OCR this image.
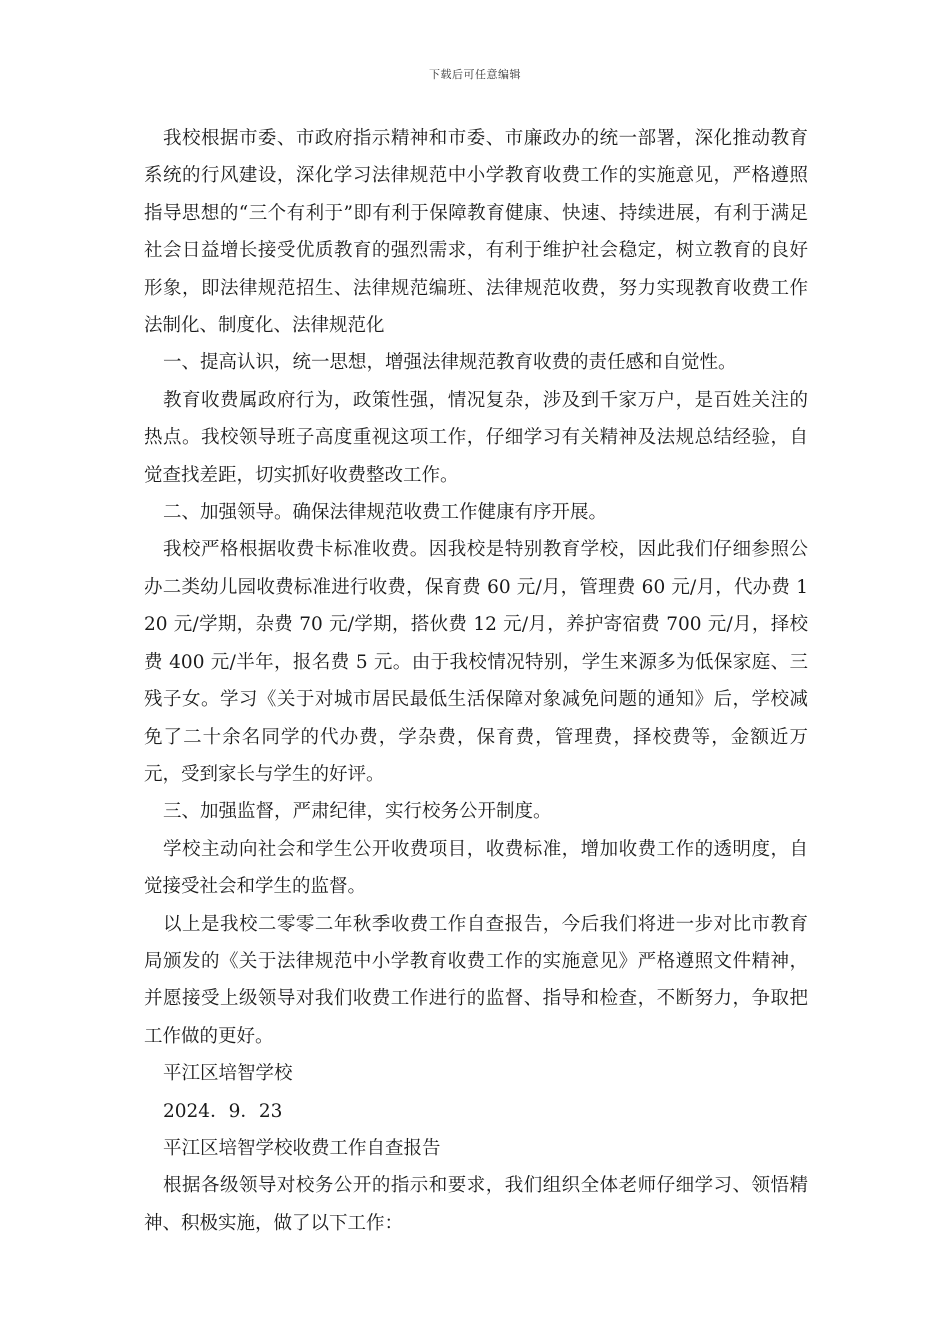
下载后可任意编辑

我校根据市委、市政府指示精神和市委、市廉政办的统一部署，深化推动教育系统的行风建设，深化学习法律规范中小学教育收费工作的实施意见，严格遵照指导思想的“三个有利于”即有利于保障教育健康、快速、持续进展，有利于满足社会日益增长接受优质教育的强烈需求，有利于维护社会稳定，树立教育的良好形象，即法律规范招生、法律规范编班、法律规范收费，努力实现教育收费工作法制化、制度化、法律规范化

一、提高认识，统一思想，增强法律规范教育收费的责任感和自觉性。

教育收费属政府行为，政策性强，情况复杂，涉及到千家万户，是百姓关注的热点。我校领导班子高度重视这项工作，仔细学习有关精神及法规总结经验，自觉查找差距，切实抓好收费整改工作。

二、加强领导。确保法律规范收费工作健康有序开展。

我校严格根据收费卡标准收费。因我校是特别教育学校，因此我们仔细参照公办二类幼儿园收费标准进行收费，保育费 60 元/月，管理费 60 元/月，代办费 120 元/学期，杂费 70 元/学期，搭伙费 12 元/月，养护寄宿费 700 元/月，择校费 400 元/半年，报名费 5 元。由于我校情况特别，学生来源多为低保家庭、三残子女。学习《关于对城市居民最低生活保障对象减免问题的通知》后，学校减免了二十余名同学的代办费，学杂费，保育费，管理费，择校费等，金额近万元，受到家长与学生的好评。

三、加强监督，严肃纪律，实行校务公开制度。

学校主动向社会和学生公开收费项目，收费标准，增加收费工作的透明度，自觉接受社会和学生的监督。

以上是我校二零零二年秋季收费工作自查报告，今后我们将进一步对比市教育局颁发的《关于法律规范中小学教育收费工作的实施意见》严格遵照文件精神，并愿接受上级领导对我们收费工作进行的监督、指导和检查，不断努力，争取把工作做的更好。

平江区培智学校

2024．9．23

平江区培智学校收费工作自查报告

根据各级领导对校务公开的指示和要求，我们组织全体老师仔细学习、领悟精神、积极实施，做了以下工作：
